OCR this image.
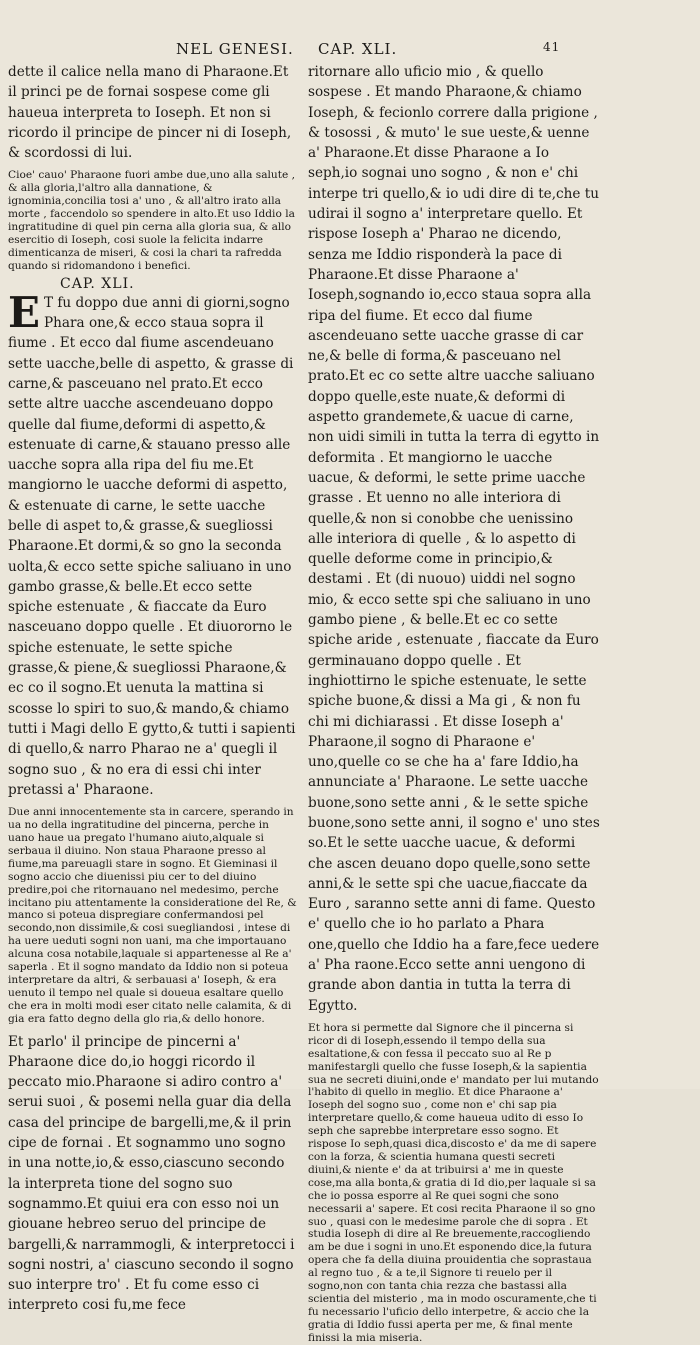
NEL GENESI. CAP. XLI.	41

dette il calice nella mano di Pharaone.Et il princi pe de fornai sospese come gli haueua interpreta to Ioseph. Et non si ricordo il principe de pincer ni di Ioseph, & scordossi di lui.

Cioe' cauo' Pharaone fuori ambe due,uno alla salute , & alla gloria,l'altro alla dannatione, & ignominia,concilia tosi a' uno , & all'altro irato alla morte , faccendolo so spendere in alto.Et uso Iddio la ingratitudine di quel pin cerna alla gloria sua, & allo esercitio di Ioseph, cosi suole la felicita indarre dimenticanza de miseri, & cosi la chari ta rafredda quando si ridomandono i benefici.

CAP. XLI.

E T fu doppo due anni di giorni,sogno Phara one,& ecco staua sopra il fiume . Et ecco dal fiume ascendeuano sette uacche,belle di aspetto, & grasse di carne,& pasceuano nel prato.Et ecco sette altre uacche ascendeuano doppo quelle dal fiume,deformi di aspetto,& estenuate di carne,& stauano presso alle uacche sopra alla ripa del fiu me.Et mangiorno le uacche deformi di aspetto, & estenuate di carne, le sette uacche belle di aspet to,& grasse,& suegliossi Pharaone.Et dormi,& so gno la seconda uolta,& ecco sette spiche saliuano in uno gambo grasse,& belle.Et ecco sette spiche estenuate , & fiaccate da Euro nasceuano doppo quelle . Et diuororno le spiche estenuate, le sette spiche grasse,& piene,& suegliossi Pharaone,& ec co il sogno.Et uenuta la mattina si scosse lo spiri to suo,& mando,& chiamo tutti i Magi dello E gytto,& tutti i sapienti di quello,& narro Pharao ne a' quegli il sogno suo , & no era di essi chi inter pretassi a' Pharaone.

Due anni innocentemente sta in carcere, sperando in ua no della ingratitudine del pincerna, perche in uano haue ua pregato l'humano aiuto,alquale si serbaua il diuino. Non staua Pharaone presso al fiume,ma pareuagli stare in sogno. Et Gieminasi il sogno accio che diuenissi piu cer to del diuino predire,poi che ritornauano nel medesimo, perche incitano piu attentamente la consideratione del Re, & manco si poteua dispregiare confermandosi pel secondo,non dissimile,& cosi suegliandosi , intese di ha uere ueduti sogni non uani, ma che importauano alcuna cosa notabile,laquale si appartenesse al Re a' saperla . Et il sogno mandato da Iddio non si poteua interpretare da altri, & serbauasi a' Ioseph, & era uenuto il tempo nel quale si doueua esaltare quello che era in molti modi eser citato nelle calamita, & di gia era fatto degno della glo ria,& dello honore.

Et parlo' il principe de pincerni a' Pharaone dice do,io hoggi ricordo il peccato mio.Pharaone si adiro contro a' serui suoi , & posemi nella guar dia della casa del principe de bargelli,me,& il prin cipe de fornai . Et sognammo uno sogno in una notte,io,& esso,ciascuno secondo la interpreta tione del sogno suo sognammo.Et quiui era con esso noi un giouane hebreo seruo del principe de bargelli,& narrammogli, & interpretocci i sogni nostri, a' ciascuno secondo il sogno suo interpre tro' . Et fu come esso ci interpreto cosi fu,me fece

ritornare allo uficio mio , & quello sospese . Et mando Pharaone,& chiamo Ioseph, & fecionlo correre dalla prigione , & tosossi , & muto' le sue ueste,& uenne a' Pharaone.Et disse Pharaone a Io seph,io sognai uno sogno , & non e' chi interpe tri quello,& io udi dire di te,che tu udirai il sogno a' interpretare quello. Et rispose Ioseph a' Pharao ne dicendo, senza me Iddio risponderà la pace di Pharaone.Et disse Pharaone a' Ioseph,sognando io,ecco staua sopra alla ripa del fiume. Et ecco dal fiume ascendeuano sette uacche grasse di car ne,& belle di forma,& pasceuano nel prato.Et ec co sette altre uacche saliuano doppo quelle,este nuate,& deformi di aspetto grandemete,& uacue di carne, non uidi simili in tutta la terra di egytto in deformita . Et mangiorno le uacche uacue, & deformi, le sette prime uacche grasse . Et uenno no alle interiora di quelle,& non si conobbe che uenissino alle interiora di quelle , & lo aspetto di quelle deforme come in principio,& destami . Et (di nuouo) uiddi nel sogno mio, & ecco sette spi che saliuano in uno gambo piene , & belle.Et ec co sette spiche aride , estenuate , fiaccate da Euro germinauano doppo quelle . Et inghiottirno le spiche estenuate, le sette spiche buone,& dissi a Ma gi , & non fu chi mi dichiarassi . Et disse Ioseph a' Pharaone,il sogno di Pharaone e' uno,quelle co se che ha a' fare Iddio,ha annunciate a' Pharaone. Le sette uacche buone,sono sette anni , & le sette spiche buone,sono sette anni, il sogno e' uno stes so.Et le sette uacche uacue, & deformi che ascen deuano dopo quelle,sono sette anni,& le sette spi che uacue,fiaccate da Euro , saranno sette anni di fame. Questo e' quello che io ho parlato a Phara one,quello che Iddio ha a fare,fece uedere a' Pha raone.Ecco sette anni uengono di grande abon dantia in tutta la terra di Egytto.

Et hora si permette dal Signore che il pincerna si ricor di di Ioseph,essendo il tempo della sua esaltatione,& con fessa il peccato suo al Re p manifestargli quello che fusse Ioseph,& la sapientia sua ne secreti diuini,onde e' mandato per lui mutando l'habito di quello in meglio. Et dice Pharaone a' Ioseph del sogno suo , come non e' chi sap pia interpretare quello,& come haueua udito di esso Io seph che saprebbe interpretare esso sogno. Et rispose Io seph,quasi dica,discosto e' da me di sapere con la forza, & scientia humana questi secreti diuini,& niente e' da at tribuirsi a' me in queste cose,ma alla bonta,& gratia di Id dio,per laquale si sa che io possa esporre al Re quei sogni che sono necessarii a' sapere. Et cosi recita Pharaone il so gno suo , quasi con le medesime parole che di sopra . Et studia Ioseph di dire al Re breuemente,raccogliendo am be due i sogni in uno.Et esponendo dice,la futura opera che fa della diuina prouidentia che soprastaua al regno tuo , & a te,il Signore ti reuelo per il sogno,non con tanta chia rezza che bastassi alla scientia del misterio , ma in modo oscuramente,che ti fu necessario l'uficio dello interpetre, & accio che la gratia di Iddio fussi aperta per me, & final mente finissi la mia miseria.
